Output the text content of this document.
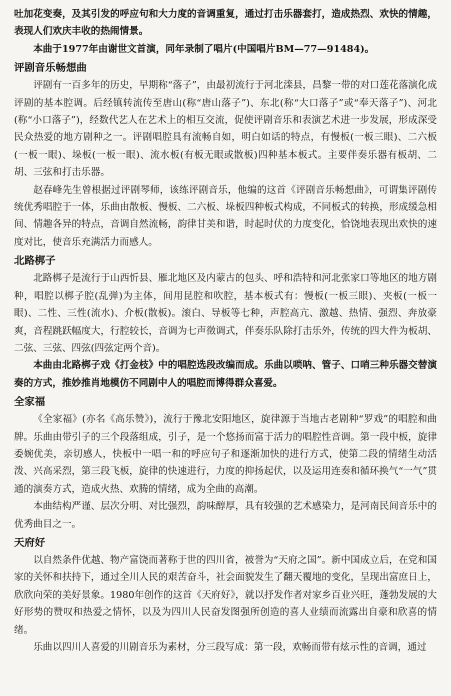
吐加花变奏，及其引发的呼应句和大力度的音调重复，通过打击乐器套打，造成热烈、欢快的情趣，表现人们欢庆丰收的热闹情景。

本曲于1977年由谢世文首演，同年录制了唱片(中国唱片BM—77—91484)。

评剧音乐畅想曲

评剧有一百多年的历史，早期称“落子”，由最初流行于河北滦县，昌黎一带的对口莲花落演化成评剧的基本腔调。后经镇转流传至唐山(称“唐山落子”)、东北(称“大口落子”或“奉天落子”)、河北(称“小口落子”)，经数代艺人在艺术上的相互交流，促使评剧音乐和表演艺术进一步发展，形成深受民众热爱的地方剧种之一。评剧唱腔具有流畅自如，明白如话的特点，有慢板(一板三眼)、二六板(一板一眼)、垛板(一板一眼)、流水板(有板无眼或散板)四种基本板式。主要伴奏乐器有板胡、二胡、三弦和打击乐器。

赵春峰先生曾根据过评剧琴师，该练评剧音乐，他编的这首《评剧音乐畅想曲》，可谓集评剧传统优秀唱腔于一体，乐曲由散板、慢板、二六板、垛板四种板式构成，不同板式的转换，形成缓急相间、情趣各异的特点，音调自然流畅，韵律甘美和谐，时起时伏的力度变化，恰饶地表现出欢快的速度对比，使音乐充满活力而感人。

北路梆子

北路梆子是流行于山西忻县、雁北地区及内蒙古的包头、呼和浩特和河北张家口等地区的地方剧种，唱腔以梆子腔(乱弹)为主体，间用昆腔和吹腔，基本板式有：慢板(一板三眼)、夹板(一板一眼)、二性、三性(流水)、介板(散板)。滚白、导板等七种，声腔高亢、激越、热情、强烈、奔放豪爽，音程跳跃幅度大，行腔较长，音调为七声徵调式，伴奏乐队除打击乐外，传统的四大件为板胡、二弦、三弦、四弦(四弦定两个音)。

本曲由北路梆子戏《打金枝》中的唱腔选段改编而成。乐曲以唢呐、管子、口哨三种乐器交替演奏的方式，推妙推肖地模仿不同剧中人的唱腔而博得群众喜爱。

全家福

《全家福》(亦名《高乐赞》)，流行于豫北安阳地区，旋律源于当地古老剧种“罗戏”的唱腔和曲牌。乐曲由带引子的三个段落组成，引子，是一个悠扬而富于活力的唱腔性音调。第一段中板，旋律委婉优美，亲切感人，快板中一唱一和的呼应句子和逐渐加快的进行方式，使第二段的情绪生动活泼、兴高采烈，第三段飞板，旋律的快速进行，力度的抑扬起伏，以及运用连奏和循环换气“一气”贯通的演奏方式，造成火热、欢腾的情绪，成为全曲的高潮。

本曲结构严谨、层次分明、对比强烈，韵味醇厚，具有较强的艺术感染力，是河南民间音乐中的优秀曲目之一。

天府好

以自然条件优越、物产富饶而著称于世的四川省，被誉为“天府之国”。新中国成立后，在党和国家的关怀和扶持下，通过全川人民的艰苦奋斗，社会面貌发生了翻天覆地的变化，呈现出富庶日上，欣欣向荣的美好景象。1980年创作的这首《天府好》，就以抒发作者对家乡百业兴旺，蓬勃发展的大好形势的赞叹和热爱之情怀，以及为四川人民奋发图强所创造的喜人业绩而流露出自豪和欣喜的情绪。

乐曲以四川人喜爱的川剧音乐为素材，分三段写成：第一段，欢畅而带有炫示性的音调，通过
